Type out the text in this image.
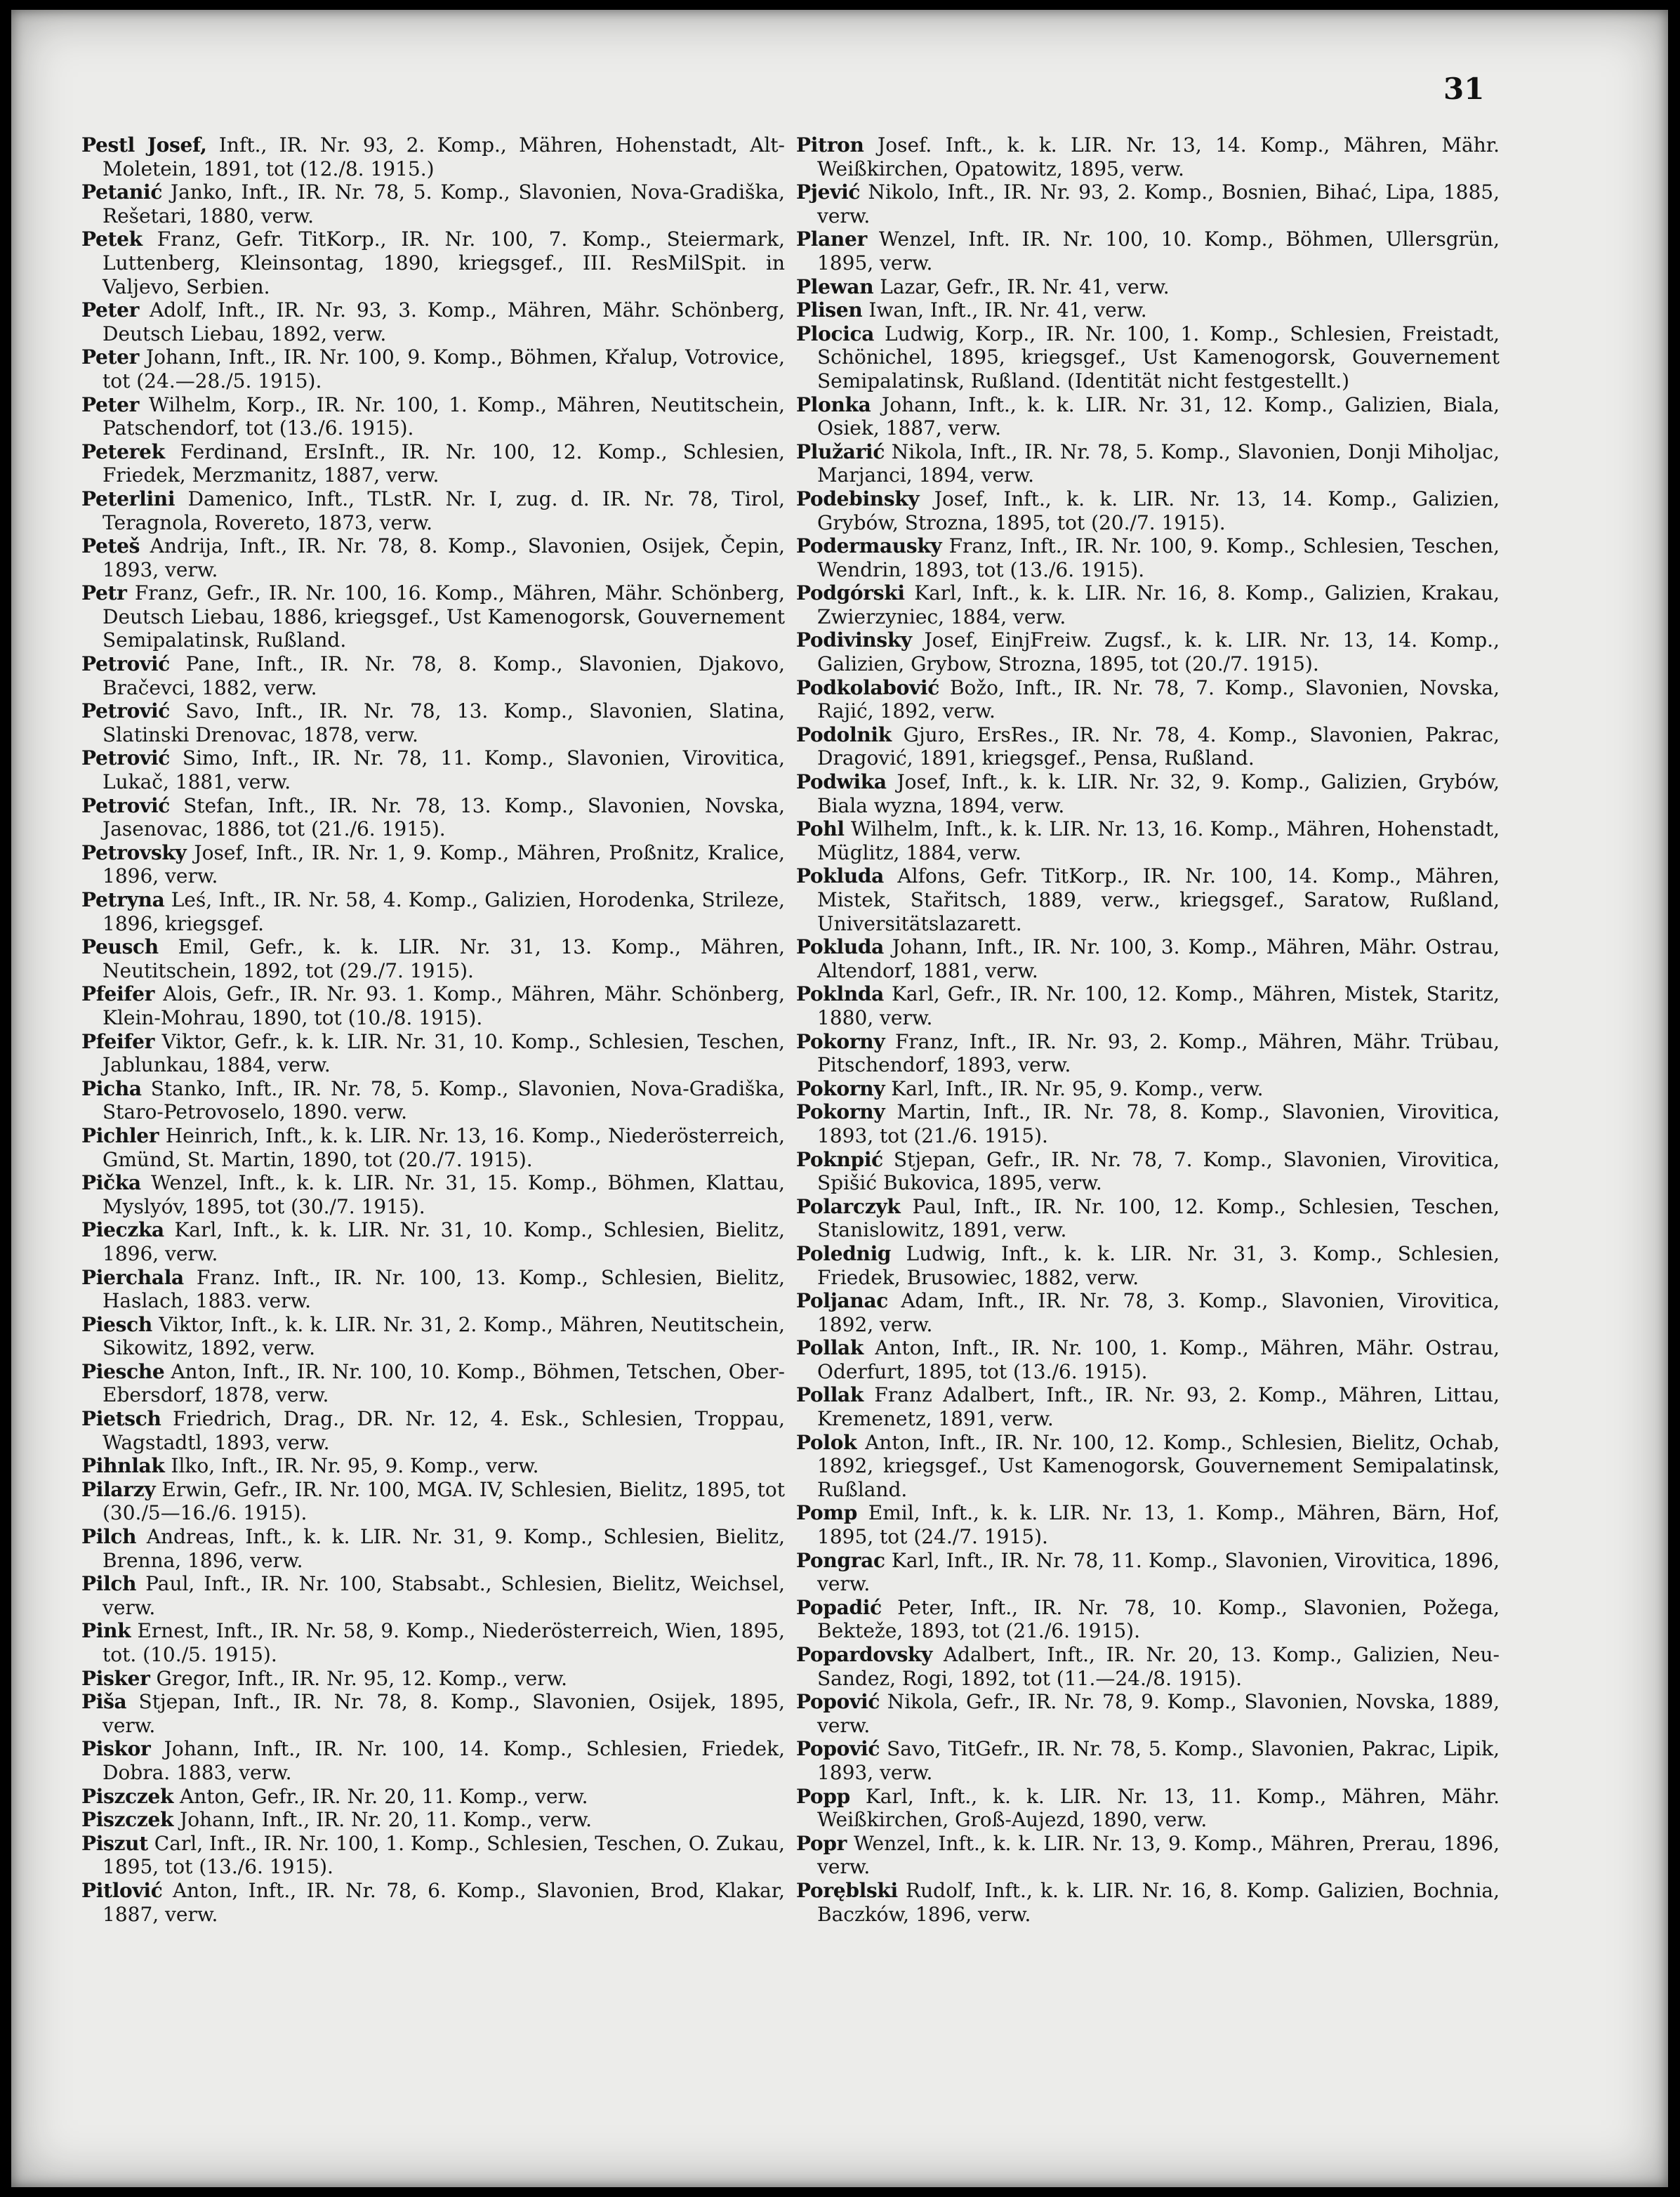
31

Pestl Josef, Inft., IR. Nr. 93, 2. Komp., Mähren, Hohenstadt, Alt-Moletein, 1891, tot (12./8. 1915.)

Petanić Janko, Inft., IR. Nr. 78, 5. Komp., Slavonien, Nova-Gradiška, Rešetari, 1880, verw.

Petek Franz, Gefr. TitKorp., IR. Nr. 100, 7. Komp., Steiermark, Luttenberg, Kleinsontag, 1890, kriegsgef., III. ResMilSpit. in Valjevo, Serbien.

Peter Adolf, Inft., IR. Nr. 93, 3. Komp., Mähren, Mähr. Schönberg, Deutsch Liebau, 1892, verw.

Peter Johann, Inft., IR. Nr. 100, 9. Komp., Böhmen, Křalup, Votrovice, tot (24.—28./5. 1915).

Peter Wilhelm, Korp., IR. Nr. 100, 1. Komp., Mähren, Neutitschein, Patschendorf, tot (13./6. 1915).

Peterek Ferdinand, ErsInft., IR. Nr. 100, 12. Komp., Schlesien, Friedek, Merzmanitz, 1887, verw.

Peterlini Damenico, Inft., TLstR. Nr. I, zug. d. IR. Nr. 78, Tirol, Teragnola, Rovereto, 1873, verw.

Peteš Andrija, Inft., IR. Nr. 78, 8. Komp., Slavonien, Osijek, Čepin, 1893, verw.

Petr Franz, Gefr., IR. Nr. 100, 16. Komp., Mähren, Mähr. Schönberg, Deutsch Liebau, 1886, kriegsgef., Ust Kamenogorsk, Gouvernement Semipalatinsk, Rußland.

Petrović Pane, Inft., IR. Nr. 78, 8. Komp., Slavonien, Djakovo, Bračevci, 1882, verw.

Petrović Savo, Inft., IR. Nr. 78, 13. Komp., Slavonien, Slatina, Slatinski Drenovac, 1878, verw.

Petrović Simo, Inft., IR. Nr. 78, 11. Komp., Slavonien, Virovitica, Lukač, 1881, verw.

Petrović Stefan, Inft., IR. Nr. 78, 13. Komp., Slavonien, Novska, Jasenovac, 1886, tot (21./6. 1915).

Petrovsky Josef, Inft., IR. Nr. 1, 9. Komp., Mähren, Proßnitz, Kralice, 1896, verw.

Petryna Leś, Inft., IR. Nr. 58, 4. Komp., Galizien, Horodenka, Strileze, 1896, kriegsgef.

Peusch Emil, Gefr., k. k. LIR. Nr. 31, 13. Komp., Mähren, Neutitschein, 1892, tot (29./7. 1915).

Pfeifer Alois, Gefr., IR. Nr. 93. 1. Komp., Mähren, Mähr. Schönberg, Klein-Mohrau, 1890, tot (10./8. 1915).

Pfeifer Viktor, Gefr., k. k. LIR. Nr. 31, 10. Komp., Schlesien, Teschen, Jablunkau, 1884, verw.

Picha Stanko, Inft., IR. Nr. 78, 5. Komp., Slavonien, Nova-Gradiška, Staro-Petrovoselo, 1890. verw.

Pichler Heinrich, Inft., k. k. LIR. Nr. 13, 16. Komp., Niederösterreich, Gmünd, St. Martin, 1890, tot (20./7. 1915).

Pička Wenzel, Inft., k. k. LIR. Nr. 31, 15. Komp., Böhmen, Klattau, Myslyóv, 1895, tot (30./7. 1915).

Pieczka Karl, Inft., k. k. LIR. Nr. 31, 10. Komp., Schlesien, Bielitz, 1896, verw.

Pierchala Franz. Inft., IR. Nr. 100, 13. Komp., Schlesien, Bielitz, Haslach, 1883. verw.

Piesch Viktor, Inft., k. k. LIR. Nr. 31, 2. Komp., Mähren, Neutitschein, Sikowitz, 1892, verw.

Piesche Anton, Inft., IR. Nr. 100, 10. Komp., Böhmen, Tetschen, Ober-Ebersdorf, 1878, verw.

Pietsch Friedrich, Drag., DR. Nr. 12, 4. Esk., Schlesien, Troppau, Wagstadtl, 1893, verw.

Pihnlak Ilko, Inft., IR. Nr. 95, 9. Komp., verw.

Pilarzy Erwin, Gefr., IR. Nr. 100, MGA. IV, Schlesien, Bielitz, 1895, tot (30./5—16./6. 1915).

Pilch Andreas, Inft., k. k. LIR. Nr. 31, 9. Komp., Schlesien, Bielitz, Brenna, 1896, verw.

Pilch Paul, Inft., IR. Nr. 100, Stabsabt., Schlesien, Bielitz, Weichsel, verw.

Pink Ernest, Inft., IR. Nr. 58, 9. Komp., Niederösterreich, Wien, 1895, tot. (10./5. 1915).

Pisker Gregor, Inft., IR. Nr. 95, 12. Komp., verw.

Piša Stjepan, Inft., IR. Nr. 78, 8. Komp., Slavonien, Osijek, 1895, verw.

Piskor Johann, Inft., IR. Nr. 100, 14. Komp., Schlesien, Friedek, Dobra. 1883, verw.

Piszczek Anton, Gefr., IR. Nr. 20, 11. Komp., verw.

Piszczek Johann, Inft., IR. Nr. 20, 11. Komp., verw.

Piszut Carl, Inft., IR. Nr. 100, 1. Komp., Schlesien, Teschen, O. Zukau, 1895, tot (13./6. 1915).

Pitlović Anton, Inft., IR. Nr. 78, 6. Komp., Slavonien, Brod, Klakar, 1887, verw.

Pitron Josef. Inft., k. k. LIR. Nr. 13, 14. Komp., Mähren, Mähr. Weißkirchen, Opatowitz, 1895, verw.

Pjević Nikolo, Inft., IR. Nr. 93, 2. Komp., Bosnien, Bihać, Lipa, 1885, verw.

Planer Wenzel, Inft. IR. Nr. 100, 10. Komp., Böhmen, Ullersgrün, 1895, verw.

Plewan Lazar, Gefr., IR. Nr. 41, verw.

Plisen Iwan, Inft., IR. Nr. 41, verw.

Plocica Ludwig, Korp., IR. Nr. 100, 1. Komp., Schlesien, Freistadt, Schönichel, 1895, kriegsgef., Ust Kamenogorsk, Gouvernement Semipalatinsk, Rußland. (Identität nicht festgestellt.)

Plonka Johann, Inft., k. k. LIR. Nr. 31, 12. Komp., Galizien, Biala, Osiek, 1887, verw.

Plužarić Nikola, Inft., IR. Nr. 78, 5. Komp., Slavonien, Donji Miholjac, Marjanci, 1894, verw.

Podebinsky Josef, Inft., k. k. LIR. Nr. 13, 14. Komp., Galizien, Grybów, Strozna, 1895, tot (20./7. 1915).

Podermausky Franz, Inft., IR. Nr. 100, 9. Komp., Schlesien, Teschen, Wendrin, 1893, tot (13./6. 1915).

Podgórski Karl, Inft., k. k. LIR. Nr. 16, 8. Komp., Galizien, Krakau, Zwierzyniec, 1884, verw.

Podivinsky Josef, EinjFreiw. Zugsf., k. k. LIR. Nr. 13, 14. Komp., Galizien, Grybow, Strozna, 1895, tot (20./7. 1915).

Podkolabović Božo, Inft., IR. Nr. 78, 7. Komp., Slavonien, Novska, Rajić, 1892, verw.

Podolnik Gjuro, ErsRes., IR. Nr. 78, 4. Komp., Slavonien, Pakrac, Dragović, 1891, kriegsgef., Pensa, Rußland.

Podwika Josef, Inft., k. k. LIR. Nr. 32, 9. Komp., Galizien, Grybów, Biala wyzna, 1894, verw.

Pohl Wilhelm, Inft., k. k. LIR. Nr. 13, 16. Komp., Mähren, Hohenstadt, Müglitz, 1884, verw.

Pokluda Alfons, Gefr. TitKorp., IR. Nr. 100, 14. Komp., Mähren, Mistek, Stařitsch, 1889, verw., kriegsgef., Saratow, Rußland, Universitätslazarett.

Pokluda Johann, Inft., IR. Nr. 100, 3. Komp., Mähren, Mähr. Ostrau, Altendorf, 1881, verw.

Poklnda Karl, Gefr., IR. Nr. 100, 12. Komp., Mähren, Mistek, Staritz, 1880, verw.

Pokorny Franz, Inft., IR. Nr. 93, 2. Komp., Mähren, Mähr. Trübau, Pitschendorf, 1893, verw.

Pokorny Karl, Inft., IR. Nr. 95, 9. Komp., verw.

Pokorny Martin, Inft., IR. Nr. 78, 8. Komp., Slavonien, Virovitica, 1893, tot (21./6. 1915).

Poknpić Stjepan, Gefr., IR. Nr. 78, 7. Komp., Slavonien, Virovitica, Spišić Bukovica, 1895, verw.

Polarczyk Paul, Inft., IR. Nr. 100, 12. Komp., Schlesien, Teschen, Stanislowitz, 1891, verw.

Polednig Ludwig, Inft., k. k. LIR. Nr. 31, 3. Komp., Schlesien, Friedek, Brusowiec, 1882, verw.

Poljanac Adam, Inft., IR. Nr. 78, 3. Komp., Slavonien, Virovitica, 1892, verw.

Pollak Anton, Inft., IR. Nr. 100, 1. Komp., Mähren, Mähr. Ostrau, Oderfurt, 1895, tot (13./6. 1915).

Pollak Franz Adalbert, Inft., IR. Nr. 93, 2. Komp., Mähren, Littau, Kremenetz, 1891, verw.

Polok Anton, Inft., IR. Nr. 100, 12. Komp., Schlesien, Bielitz, Ochab, 1892, kriegsgef., Ust Kamenogorsk, Gouvernement Semipalatinsk, Rußland.

Pomp Emil, Inft., k. k. LIR. Nr. 13, 1. Komp., Mähren, Bärn, Hof, 1895, tot (24./7. 1915).

Pongrac Karl, Inft., IR. Nr. 78, 11. Komp., Slavonien, Virovitica, 1896, verw.

Popadić Peter, Inft., IR. Nr. 78, 10. Komp., Slavonien, Požega, Bekteže, 1893, tot (21./6. 1915).

Popardovsky Adalbert, Inft., IR. Nr. 20, 13. Komp., Galizien, Neu-Sandez, Rogi, 1892, tot (11.—24./8. 1915).

Popović Nikola, Gefr., IR. Nr. 78, 9. Komp., Slavonien, Novska, 1889, verw.

Popović Savo, TitGefr., IR. Nr. 78, 5. Komp., Slavonien, Pakrac, Lipik, 1893, verw.

Popp Karl, Inft., k. k. LIR. Nr. 13, 11. Komp., Mähren, Mähr. Weißkirchen, Groß-Aujezd, 1890, verw.

Popr Wenzel, Inft., k. k. LIR. Nr. 13, 9. Komp., Mähren, Prerau, 1896, verw.

Poręblski Rudolf, Inft., k. k. LIR. Nr. 16, 8. Komp. Galizien, Bochnia, Baczków, 1896, verw.
